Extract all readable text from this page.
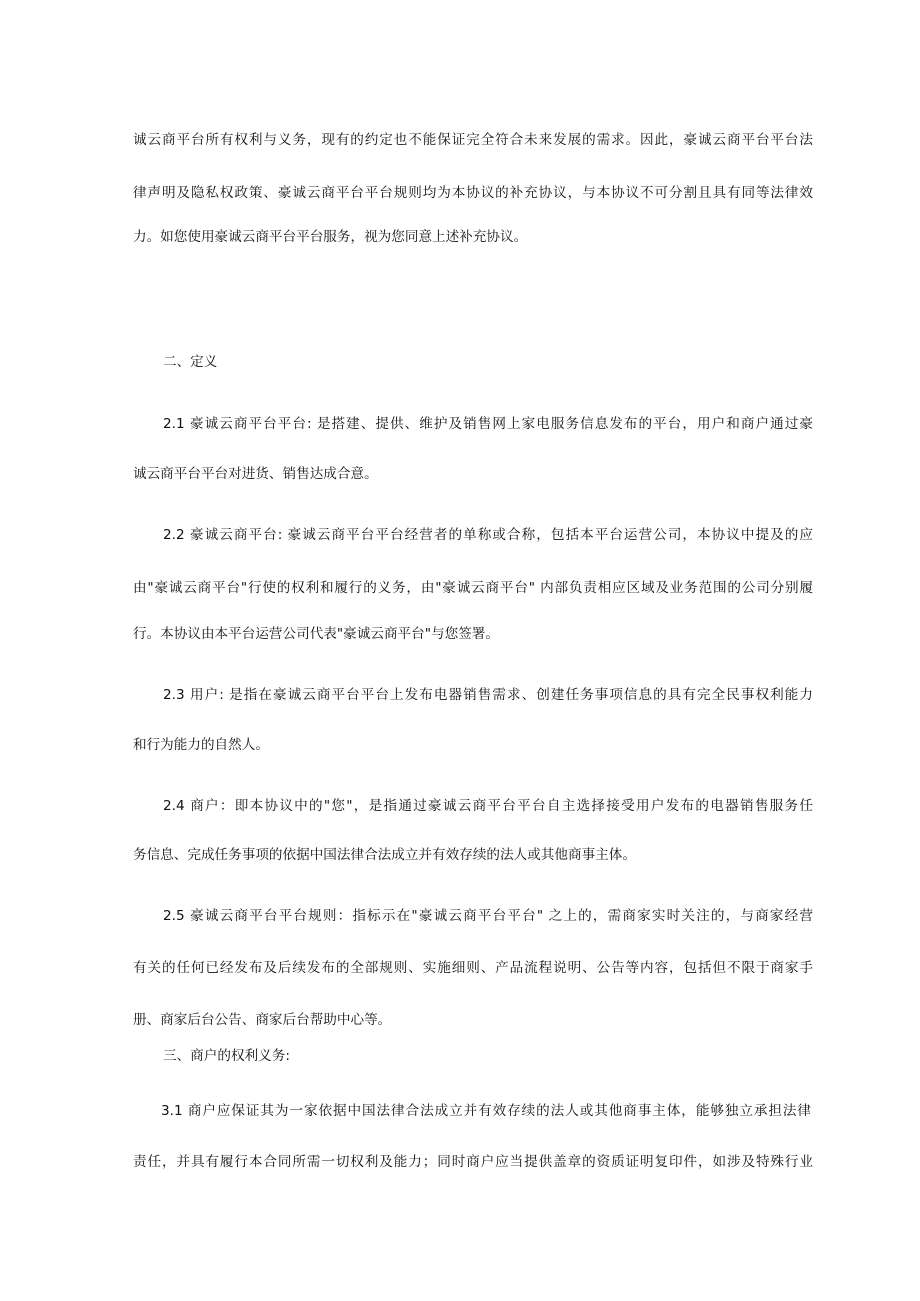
诚云商平台所有权利与义务，现有的约定也不能保证完全符合未来发展的需求。因此，豪诚云商平台平台法
律声明及隐私权政策、豪诚云商平台平台规则均为本协议的补充协议，与本协议不可分割且具有同等法律效
力。如您使用豪诚云商平台平台服务，视为您同意上述补充协议。
二、定义
2.1 豪诚云商平台平台: 是搭建、提供、维护及销售网上家电服务信息发布的平台，用户和商户通过豪
诚云商平台平台对进货、销售达成合意。
2.2 豪诚云商平台: 豪诚云商平台平台经营者的单称或合称，包括本平台运营公司，本协议中提及的应
由"豪诚云商平台"行使的权利和履行的义务，由"豪诚云商平台" 内部负责相应区域及业务范围的公司分别履
行。本协议由本平台运营公司代表"豪诚云商平台"与您签署。
2.3 用户: 是指在豪诚云商平台平台上发布电器销售需求、创建任务事项信息的具有完全民事权利能力
和行为能力的自然人。
2.4 商户：即本协议中的"您"，是指通过豪诚云商平台平台自主选择接受用户发布的电器销售服务任
务信息、完成任务事项的依据中国法律合法成立并有效存续的法人或其他商事主体。
2.5 豪诚云商平台平台规则：指标示在"豪诚云商平台平台" 之上的，需商家实时关注的，与商家经营
有关的任何已经发布及后续发布的全部规则、实施细则、产品流程说明、公告等内容，包括但不限于商家手
册、商家后台公告、商家后台帮助中心等。
三、商户的权利义务:
3.1 商户应保证其为一家依据中国法律合法成立并有效存续的法人或其他商事主体，能够独立承担法律
责任，并具有履行本合同所需一切权利及能力；同时商户应当提供盖章的资质证明复印件，如涉及特殊行业
